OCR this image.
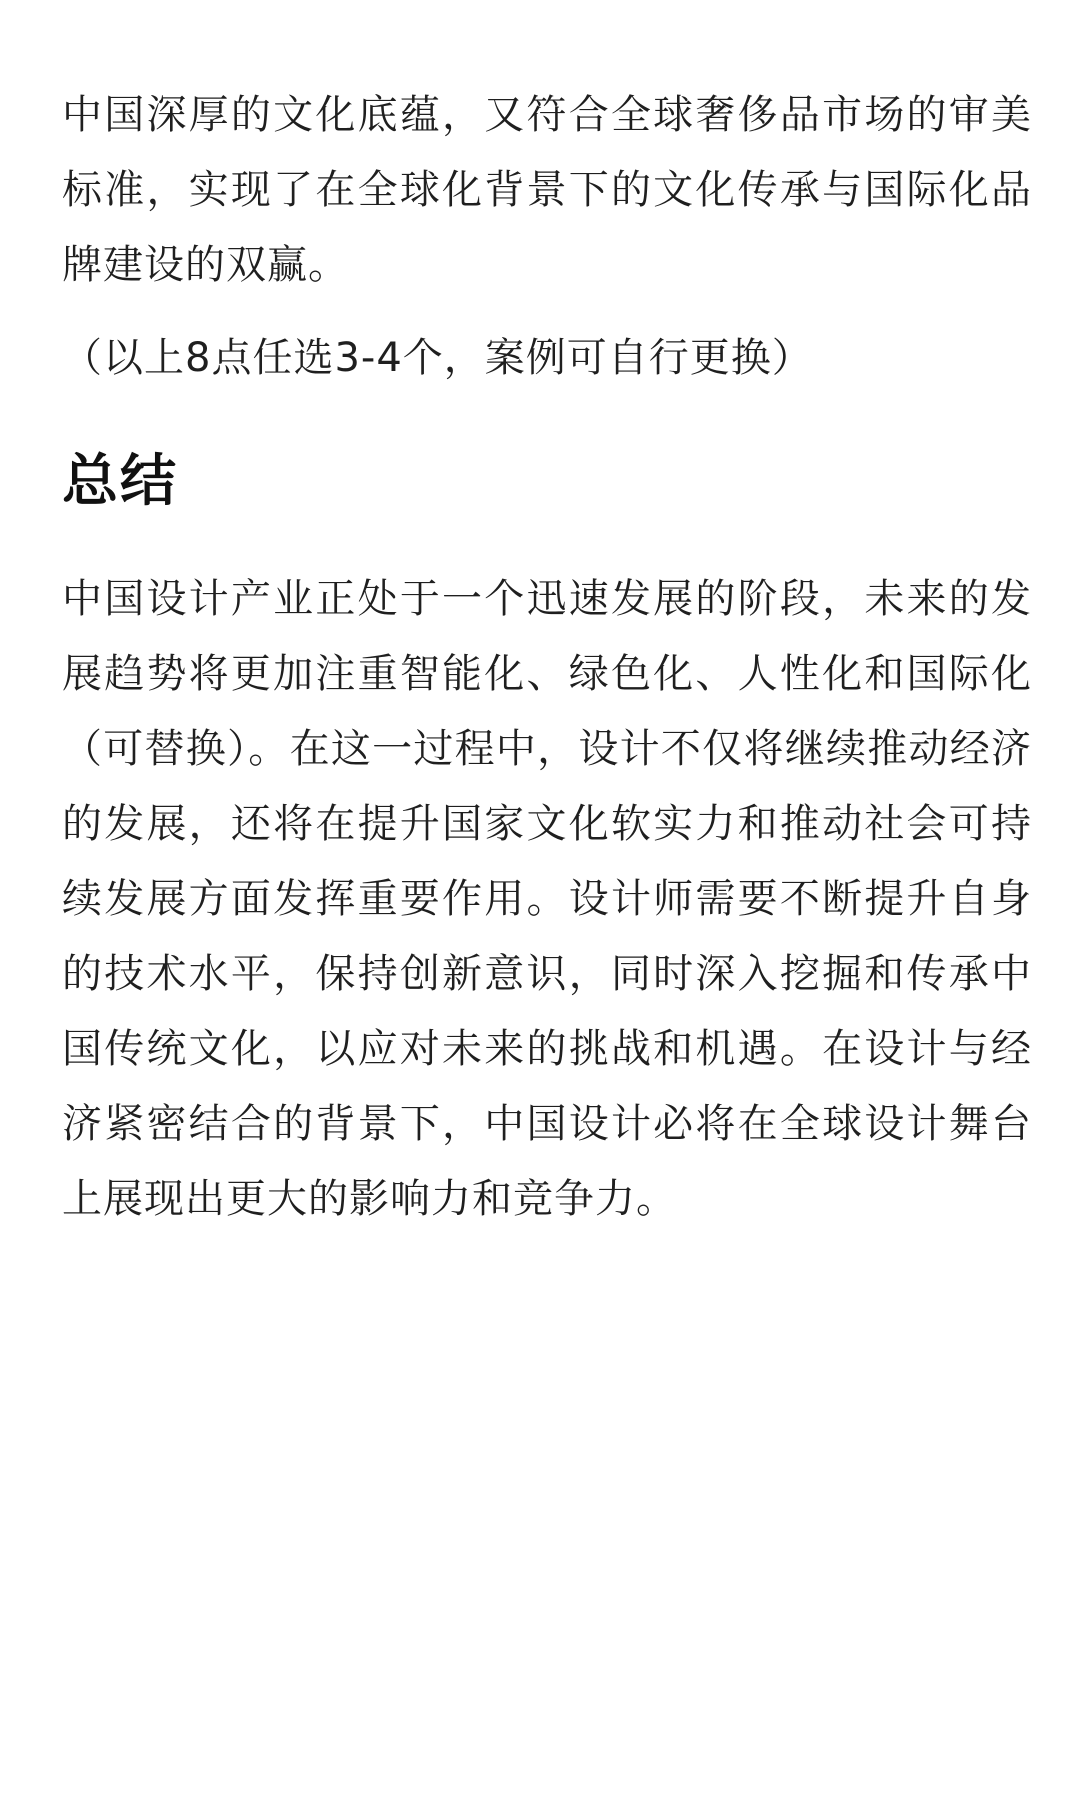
中国深厚的文化底蕴，又符合全球奢侈品市场的审美标准，实现了在全球化背景下的文化传承与国际化品牌建设的双赢。

（以上8点任选3-4个，案例可自行更换）

总结

中国设计产业正处于一个迅速发展的阶段，未来的发展趋势将更加注重智能化、绿色化、人性化和国际化（可替换）。在这一过程中，设计不仅将继续推动经济的发展，还将在提升国家文化软实力和推动社会可持续发展方面发挥重要作用。设计师需要不断提升自身的技术水平，保持创新意识，同时深入挖掘和传承中国传统文化，以应对未来的挑战和机遇。在设计与经济紧密结合的背景下，中国设计必将在全球设计舞台上展现出更大的影响力和竞争力。
